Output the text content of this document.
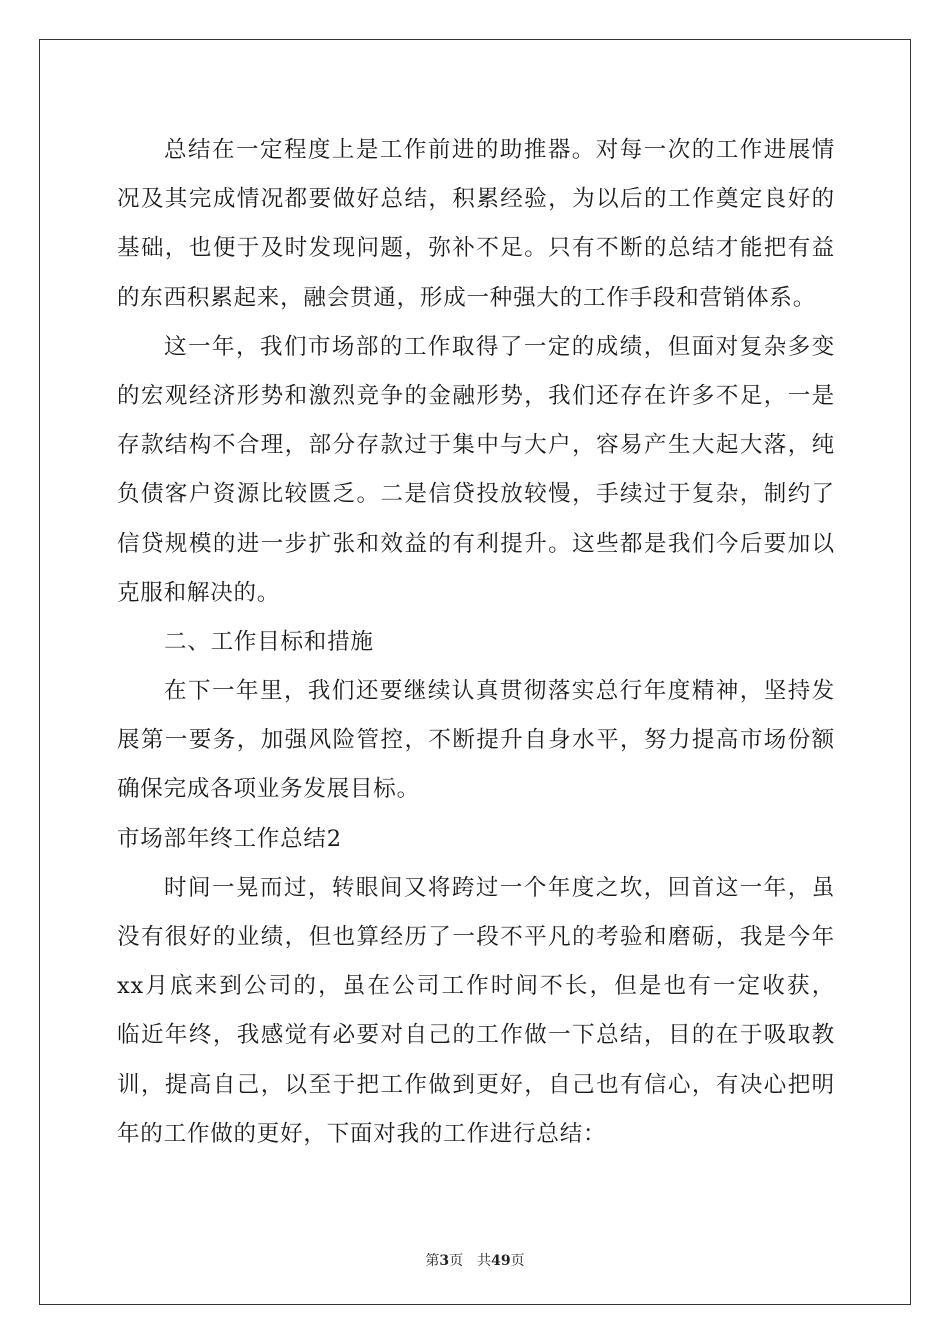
总结在一定程度上是工作前进的助推器。对每一次的工作进展情
况及其完成情况都要做好总结，积累经验，为以后的工作奠定良好的
基础，也便于及时发现问题，弥补不足。只有不断的总结才能把有益
的东西积累起来，融会贯通，形成一种强大的工作手段和营销体系。
这一年，我们市场部的工作取得了一定的成绩，但面对复杂多变
的宏观经济形势和激烈竞争的金融形势，我们还存在许多不足，一是
存款结构不合理，部分存款过于集中与大户，容易产生大起大落，纯
负债客户资源比较匮乏。二是信贷投放较慢，手续过于复杂，制约了
信贷规模的进一步扩张和效益的有利提升。这些都是我们今后要加以
克服和解决的。
二、工作目标和措施
在下一年里，我们还要继续认真贯彻落实总行年度精神，坚持发
展第一要务，加强风险管控，不断提升自身水平，努力提高市场份额
确保完成各项业务发展目标。
市场部年终工作总结2
时间一晃而过，转眼间又将跨过一个年度之坎，回首这一年，虽
没有很好的业绩，但也算经历了一段不平凡的考验和磨砺，我是今年
xx月底来到公司的，虽在公司工作时间不长，但是也有一定收获，
临近年终，我感觉有必要对自己的工作做一下总结，目的在于吸取教
训，提高自己，以至于把工作做到更好，自己也有信心，有决心把明
年的工作做的更好，下面对我的工作进行总结：
第3页 共49页
